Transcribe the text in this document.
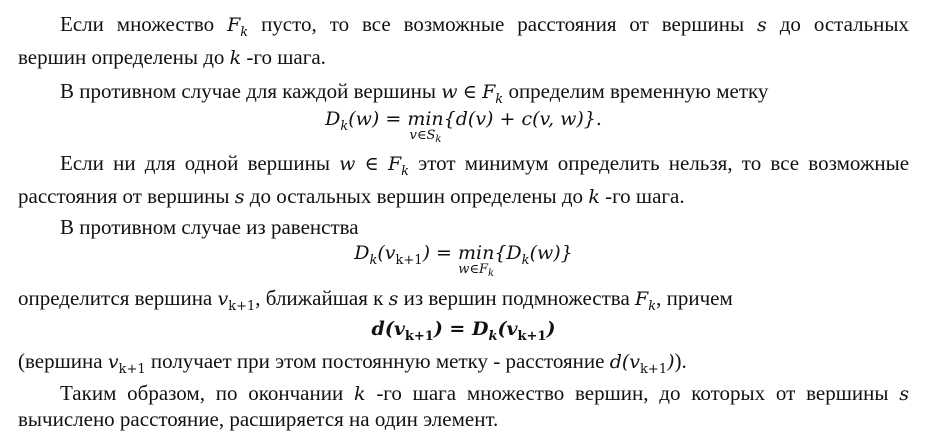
Если множество $F_k$ пусто, то все возможные расстояния от вершины s до остальных
вершин определены до k -го шага.
В противном случае для каждой вершины w ∈ $F_k$ определим временную метку
$D_k(w) = \min$
$v\in S_k$
{d(v) + c(v, w)}.
Если ни для одной вершины w ∈ $F_k$ этот минимум определить нельзя, то все возможные
расстояния от вершины s до остальных вершин определены до k -го шага.
В противном случае из равенства
$D_k(v_{k+1}) = \min$
$w\in F_k$
$\{D_k(w)\}$
определится вершина $v_{k+1}$, ближайшая к s из вершин подмножества $F_k$, причем
$d(v_{k+1}) = D_k(v_{k+1})$
(вершина $v_{k+1}$ получает при этом постоянную метку - расстояние $d(v_{k+1})$).
Таким образом, по окончании k -го шага множество вершин, до которых от вершины s
вычислено расстояние, расширяется на один элемент.
